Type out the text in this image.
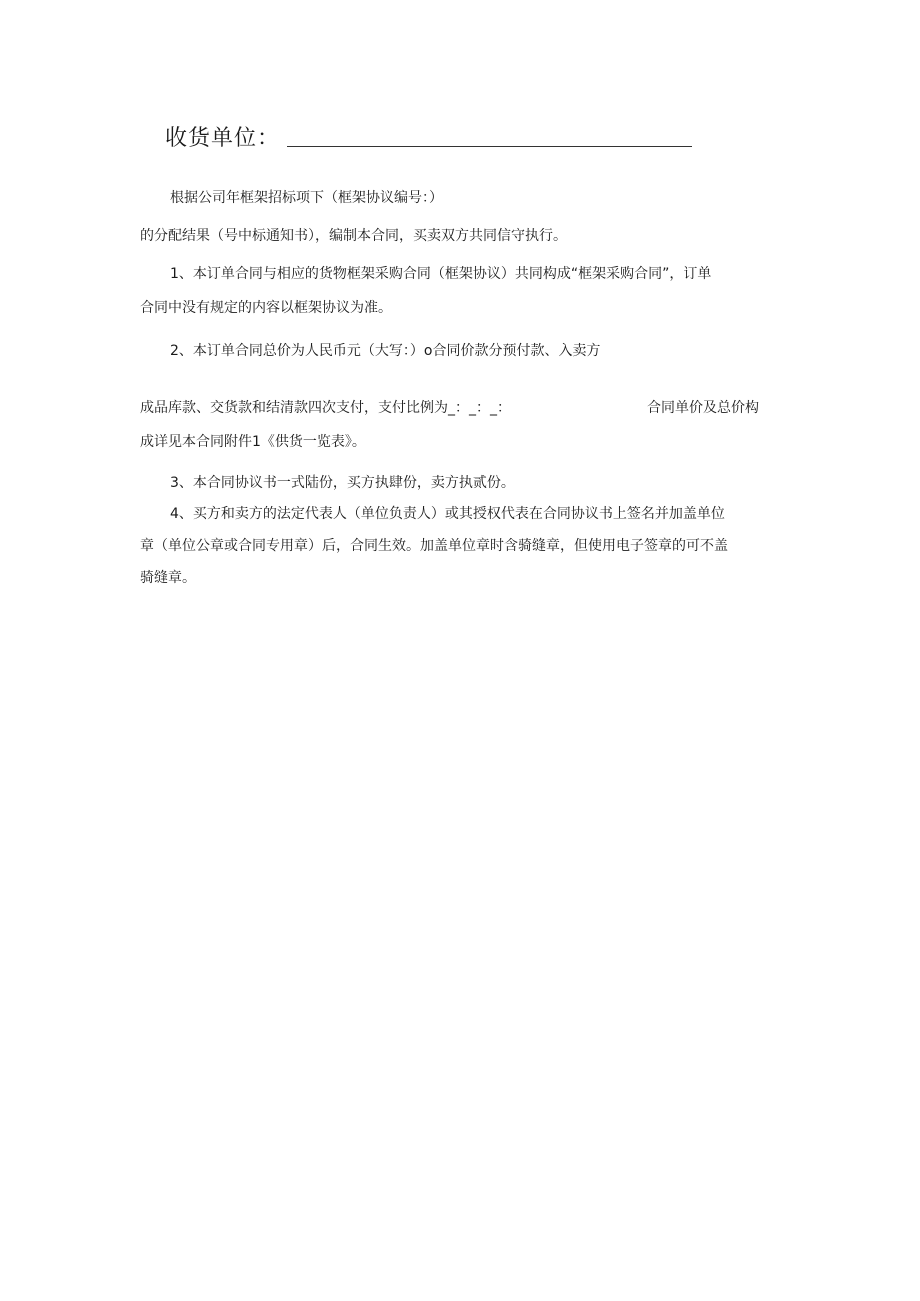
收货单位：
根据公司年框架招标项下（框架协议编号：）
的分配结果（号中标通知书），编制本合同，买卖双方共同信守执行。
1、本订单合同与相应的货物框架采购合同（框架协议）共同构成“框架采购合同”，订单
合同中没有规定的内容以框架协议为准。
2、本订单合同总价为人民币元（大写：）o合同价款分预付款、入卖方
成品库款、交货款和结清款四次支付，支付比例为_：_：_：	合同单价及总价构
成详见本合同附件1《供货一览表》。
3、本合同协议书一式陆份，买方执肆份，卖方执贰份。
4、买方和卖方的法定代表人（单位负责人）或其授权代表在合同协议书上签名并加盖单位
章（单位公章或合同专用章）后，合同生效。加盖单位章时含骑缝章，但使用电子签章的可不盖
骑缝章。
